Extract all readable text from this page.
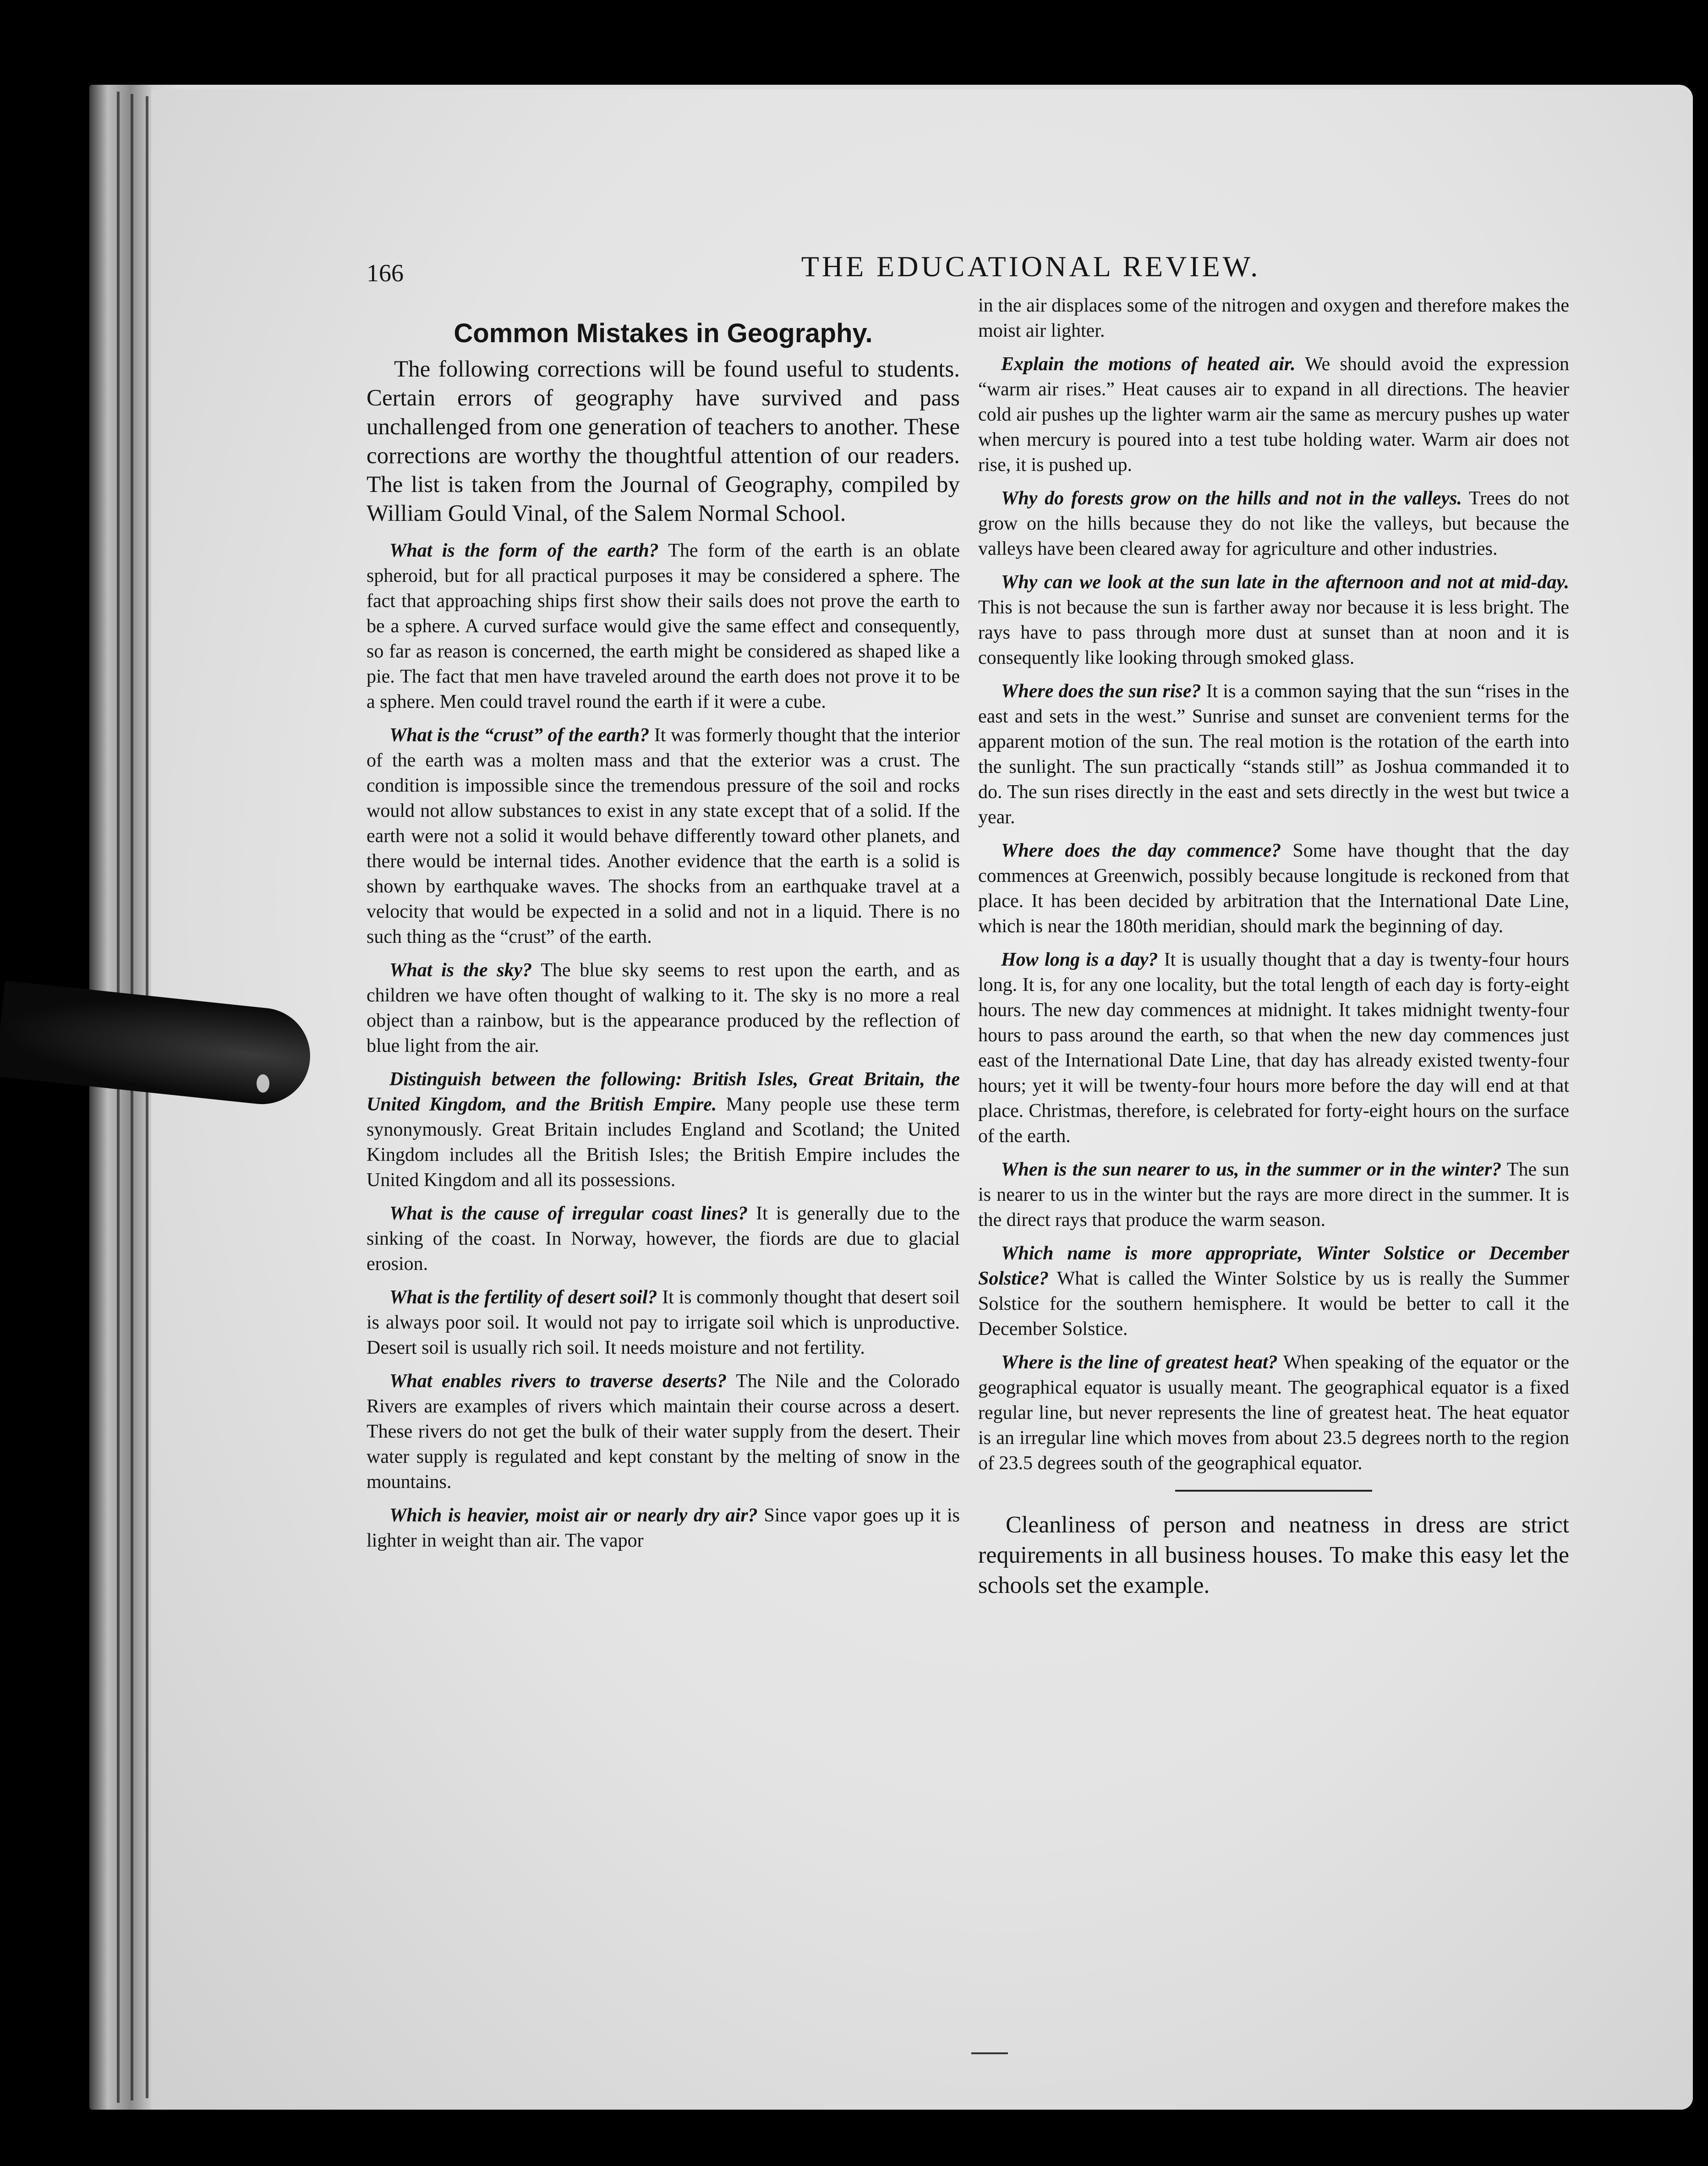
166	THE EDUCATIONAL REVIEW.
Common Mistakes in Geography.

The following corrections will be found useful to students. Certain errors of geography have survived and pass unchallenged from one generation of teachers to another. These corrections are worthy the thoughtful attention of our readers. The list is taken from the Journal of Geography, compiled by William Gould Vinal, of the Salem Normal School.

What is the form of the earth? The form of the earth is an oblate spheroid, but for all practical purposes it may be considered a sphere. The fact that approaching ships first show their sails does not prove the earth to be a sphere. A curved surface would give the same effect and consequently, so far as reason is concerned, the earth might be considered as shaped like a pie. The fact that men have traveled around the earth does not prove it to be a sphere. Men could travel round the earth if it were a cube.

What is the “crust” of the earth? It was formerly thought that the interior of the earth was a molten mass and that the exterior was a crust. The condition is impossible since the tremendous pressure of the soil and rocks would not allow substances to exist in any state except that of a solid. If the earth were not a solid it would behave differently toward other planets, and there would be internal tides. Another evidence that the earth is a solid is shown by earthquake waves. The shocks from an earthquake travel at a velocity that would be expected in a solid and not in a liquid. There is no such thing as the “crust” of the earth.

What is the sky? The blue sky seems to rest upon the earth, and as children we have often thought of walking to it. The sky is no more a real object than a rainbow, but is the appearance produced by the reflection of blue light from the air.

Distinguish between the following: British Isles, Great Britain, the United Kingdom, and the British Empire. Many people use these term synonymously. Great Britain includes England and Scotland; the United Kingdom includes all the British Isles; the British Empire includes the United Kingdom and all its possessions.

What is the cause of irregular coast lines? It is generally due to the sinking of the coast. In Norway, however, the fiords are due to glacial erosion.

What is the fertility of desert soil? It is commonly thought that desert soil is always poor soil. It would not pay to irrigate soil which is unproductive. Desert soil is usually rich soil. It needs moisture and not fertility.

What enables rivers to traverse deserts? The Nile and the Colorado Rivers are examples of rivers which maintain their course across a desert. These rivers do not get the bulk of their water supply from the desert. Their water supply is regulated and kept constant by the melting of snow in the mountains.

Which is heavier, moist air or nearly dry air? Since vapor goes up it is lighter in weight than air. The vapor

in the air displaces some of the nitrogen and oxygen and therefore makes the moist air lighter.

Explain the motions of heated air. We should avoid the expression “warm air rises.” Heat causes air to expand in all directions. The heavier cold air pushes up the lighter warm air the same as mercury pushes up water when mercury is poured into a test tube holding water. Warm air does not rise, it is pushed up.

Why do forests grow on the hills and not in the valleys. Trees do not grow on the hills because they do not like the valleys, but because the valleys have been cleared away for agriculture and other industries.

Why can we look at the sun late in the afternoon and not at mid-day. This is not because the sun is farther away nor because it is less bright. The rays have to pass through more dust at sunset than at noon and it is consequently like looking through smoked glass.

Where does the sun rise? It is a common saying that the sun “rises in the east and sets in the west.” Sunrise and sunset are convenient terms for the apparent motion of the sun. The real motion is the rotation of the earth into the sunlight. The sun practically “stands still” as Joshua commanded it to do. The sun rises directly in the east and sets directly in the west but twice a year.

Where does the day commence? Some have thought that the day commences at Greenwich, possibly because longitude is reckoned from that place. It has been decided by arbitration that the International Date Line, which is near the 180th meridian, should mark the beginning of day.

How long is a day? It is usually thought that a day is twenty-four hours long. It is, for any one locality, but the total length of each day is forty-eight hours. The new day commences at midnight. It takes midnight twenty-four hours to pass around the earth, so that when the new day commences just east of the International Date Line, that day has already existed twenty-four hours; yet it will be twenty-four hours more before the day will end at that place. Christmas, therefore, is celebrated for forty-eight hours on the surface of the earth.

When is the sun nearer to us, in the summer or in the winter? The sun is nearer to us in the winter but the rays are more direct in the summer. It is the direct rays that produce the warm season.

Which name is more appropriate, Winter Solstice or December Solstice? What is called the Winter Solstice by us is really the Summer Solstice for the southern hemisphere. It would be better to call it the December Solstice.

Where is the line of greatest heat? When speaking of the equator or the geographical equator is usually meant. The geographical equator is a fixed regular line, but never represents the line of greatest heat. The heat equator is an irregular line which moves from about 23.5 degrees north to the region of 23.5 degrees south of the geographical equator.

Cleanliness of person and neatness in dress are strict requirements in all business houses. To make this easy let the schools set the example.
